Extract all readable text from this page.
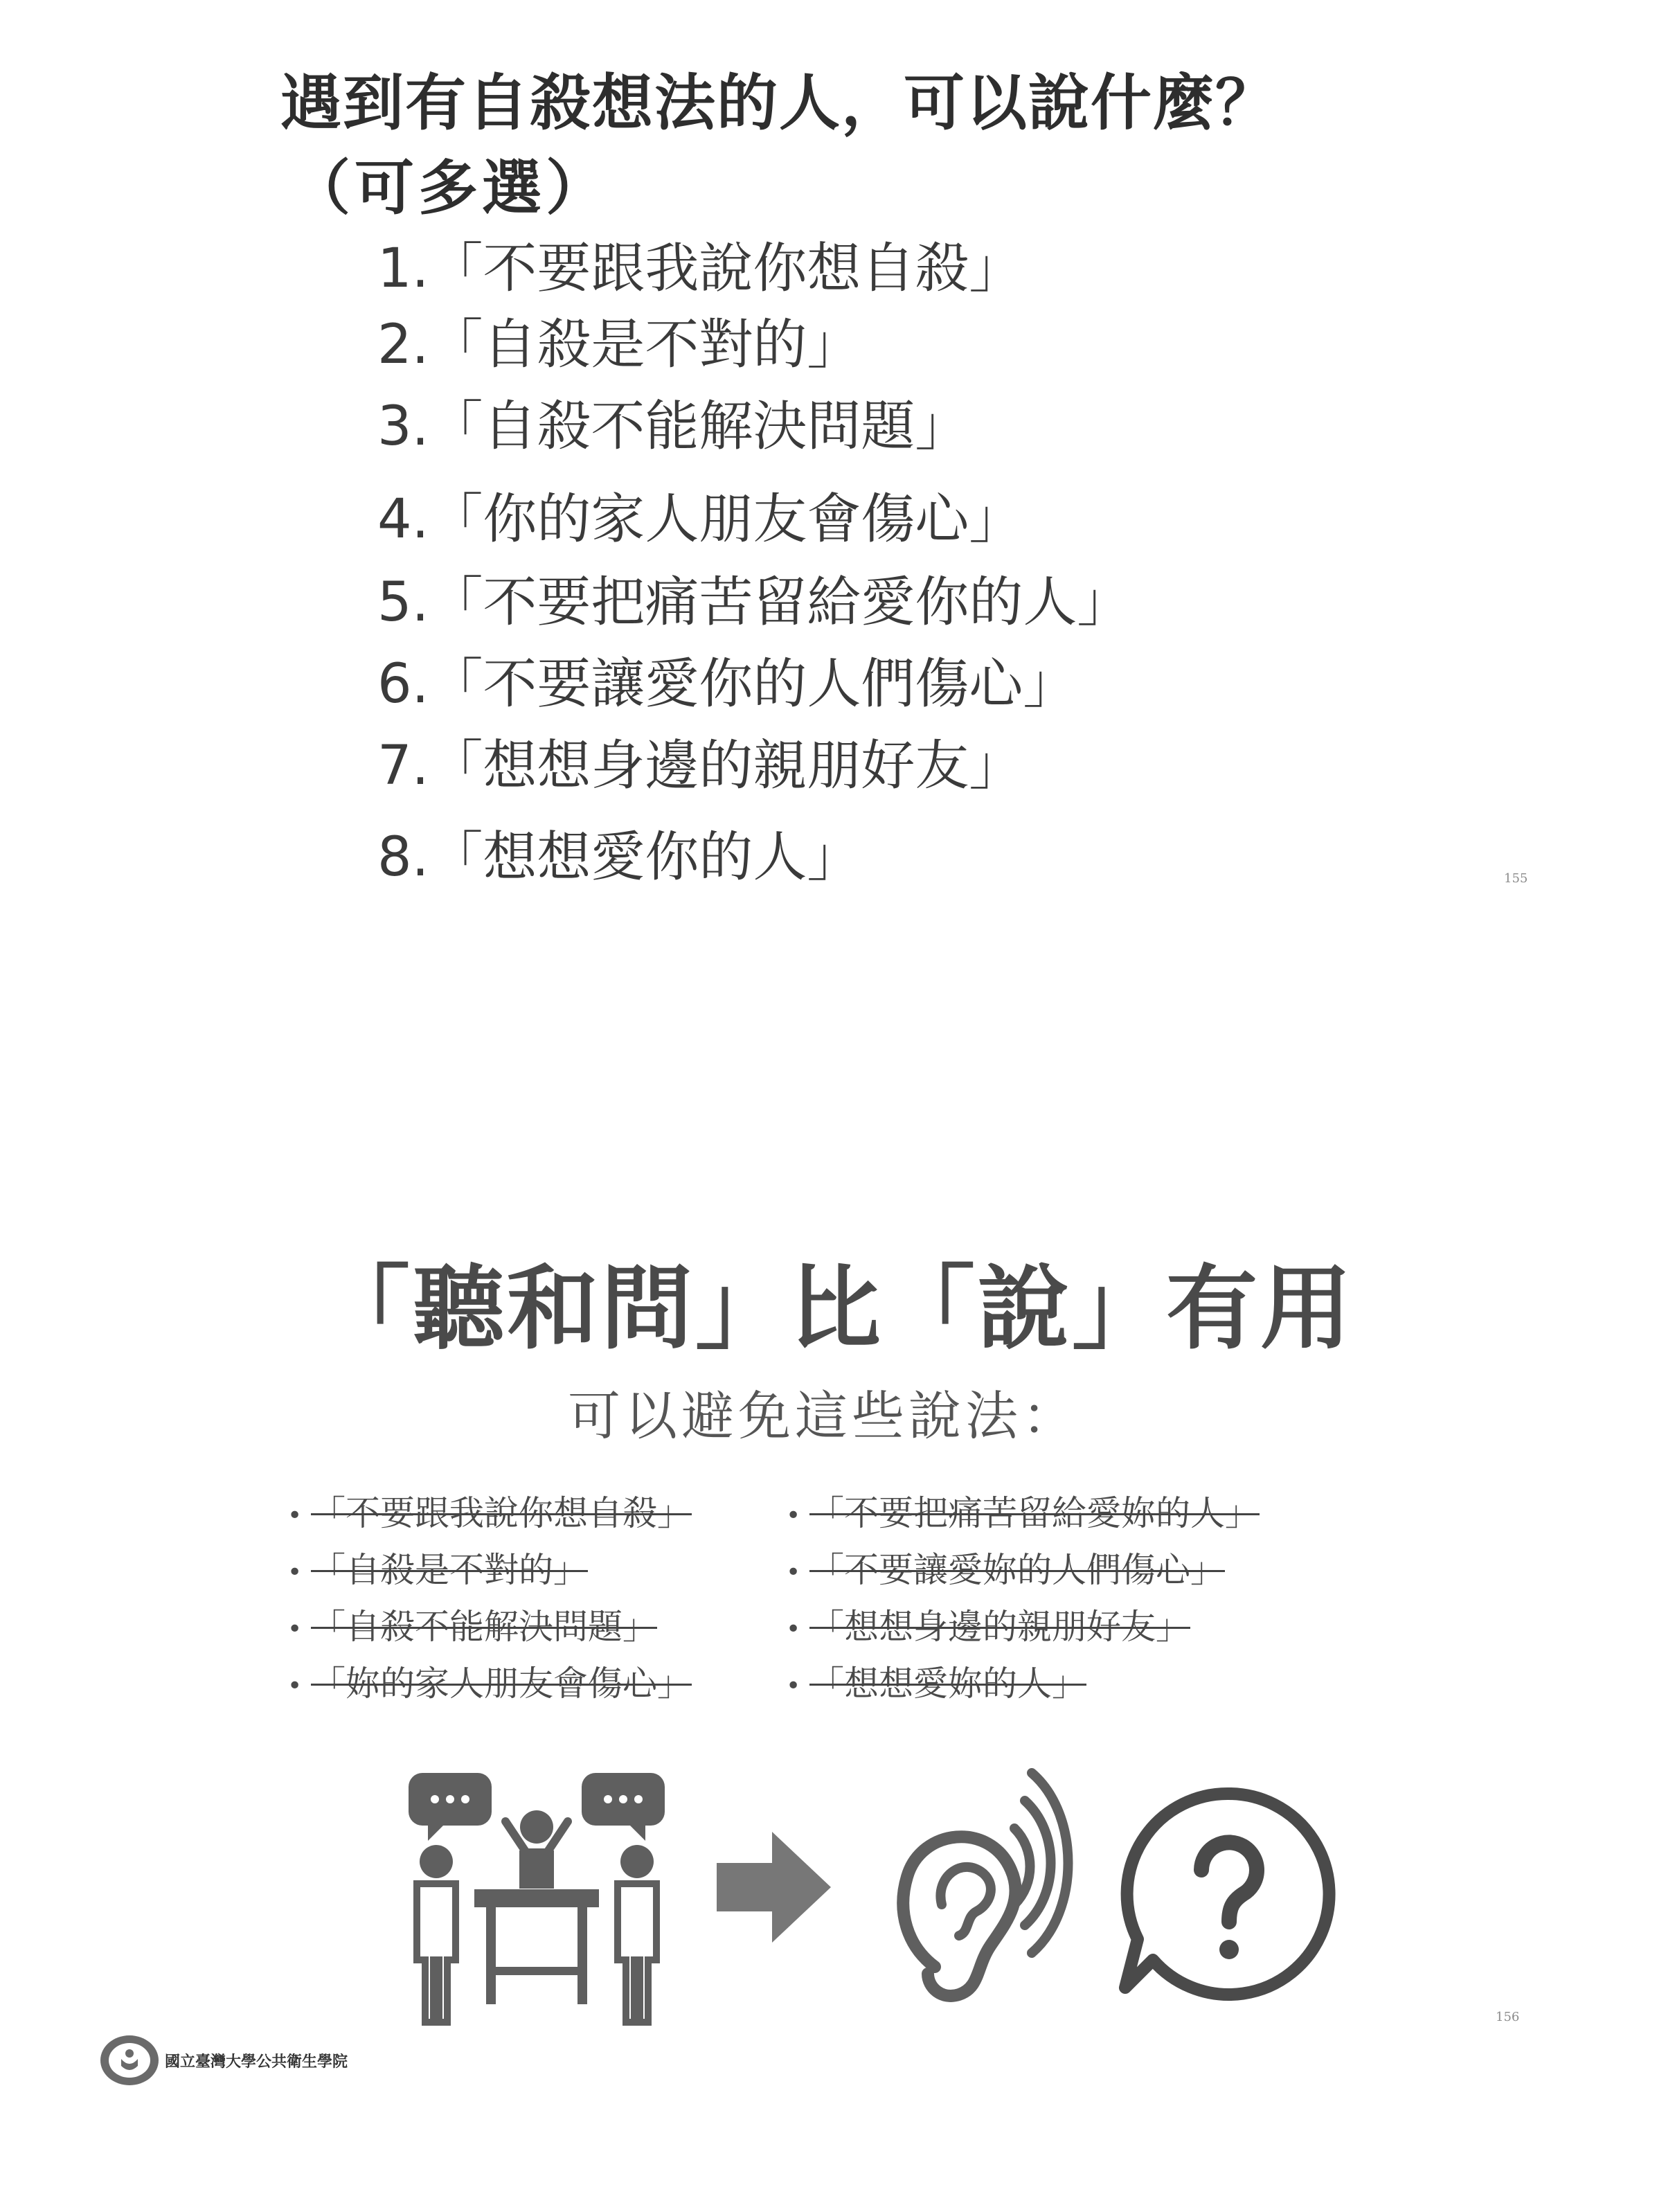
遇到有自殺想法的人，可以說什麼？
（可多選）
1.「不要跟我說你想自殺」
2.「自殺是不對的」
3.「自殺不能解決問題」
4.「你的家人朋友會傷心」
5.「不要把痛苦留給愛你的人」
6.「不要讓愛你的人們傷心」
7.「想想身邊的親朋好友」
8.「想想愛你的人」	155
「聽和問」比「說」有用
可以避免這些說法：
• 「不要跟我說你想自殺」
• 「自殺是不對的」
• 「自殺不能解決問題」
• 「妳的家人朋友會傷心」
• 「不要把痛苦留給愛妳的人」
• 「不要讓愛妳的人們傷心」
• 「想想身邊的親朋好友」
• 「想想愛妳的人」
國立臺灣大學公共衛生學院
156
